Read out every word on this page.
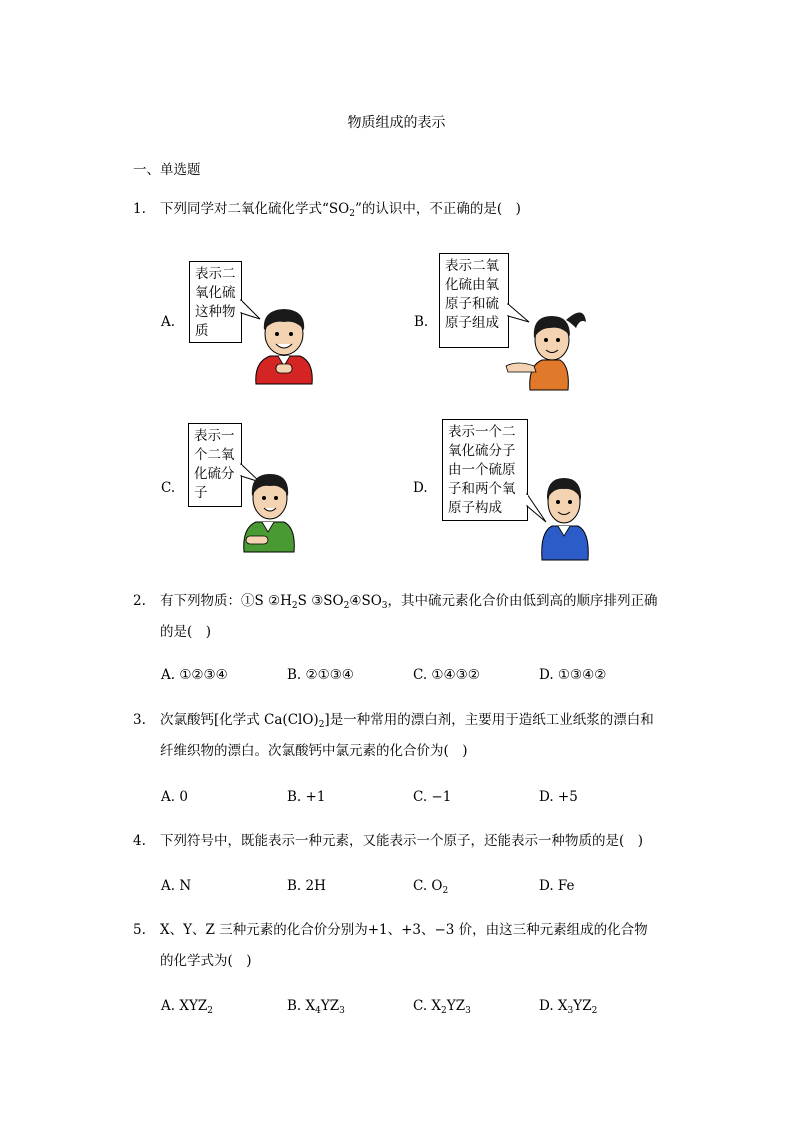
物质组成的表示
一、单选题
1. 下列同学对二氧化硫化学式“$SO_2$”的认识中，不正确的是(　)
A.
表示二
氧化硫
这种物
质
B.
表示二氧
化硫由氧
原子和硫
原子组成
C.
表示一
个二氧
化硫分
子	D.
表示一个二
氧化硫分子
由一个硫原
子和两个氧
原子构成
2. 有下列物质：①S $②H_2S$ $③SO_2④SO_3$，其中硫元素化合价由低到高的顺序排列正确
的是(　)
A. ①②③④	B. ②①③④	C. ①④③②	D. ①③④②
3. 次氯酸钙[化学式 $Ca(ClO)_2$]是一种常用的漂白剂，主要用于造纸工业纸浆的漂白和
纤维织物的漂白。次氯酸钙中氯元素的化合价为(　)
A. 0	B. +1	C. −1	D. +5
4. 下列符号中，既能表示一种元素，又能表示一个原子，还能表示一种物质的是(　)
A. N	B. 2H	C. $O_2$	D. Fe
5. X、Y、Z 三种元素的化合价分别为+1、+3、−3 价，由这三种元素组成的化合物
的化学式为(　)
A. $XYZ_2$	B. $X_4YZ_3$	C. $X_2YZ_3$	D. $X_3YZ_2$
